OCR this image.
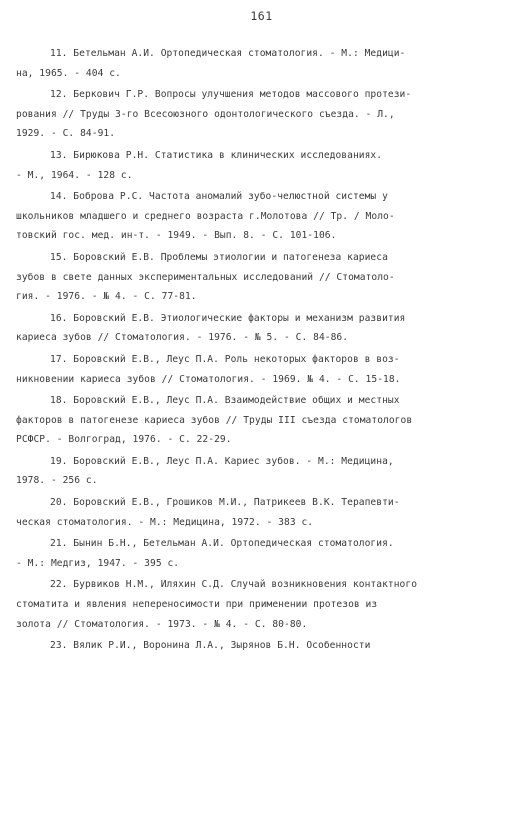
161
11. Бетельман А.И. Ортопедическая стоматология. - М.: Медици-
на, 1965. - 404 с.
12. Беркович Г.Р. Вопросы улучшения методов массового протези-
рования // Труды 3-го Всесоюзного одонтологического съезда. - Л.,
1929. - С. 84-91.
13. Бирюкова Р.Н. Статистика в клинических исследованиях.
- М., 1964. - 128 с.
14. Боброва Р.С. Частота аномалий зубо-челюстной системы у
школьников младшего и среднего возраста г.Молотова // Тр. / Моло-
товский гос. мед. ин-т. - 1949. - Вып. 8. - С. 101-106.
15. Боровский Е.В. Проблемы этиологии и патогенеза кариеса
зубов в свете данных экспериментальных исследований // Стоматоло-
гия. - 1976. - № 4. - С. 77-81.
16. Боровский Е.В. Этиологические факторы и механизм развития
кариеса зубов // Стоматология. - 1976. - № 5. - С. 84-86.
17. Боровский Е.В., Леус П.А. Роль некоторых факторов в воз-
никновении кариеса зубов // Стоматология. - 1969. № 4. - С. 15-18.
18. Боровский Е.В., Леус П.А. Взаимодействие общих и местных
факторов в патогенезе кариеса зубов // Труды III съезда стоматологов
РСФСР. - Волгоград, 1976. - С. 22-29.
19. Боровский Е.В., Леус П.А. Кариес зубов. - М.: Медицина,
1978. - 256 с.
20. Боровский Е.В., Грошиков М.И., Патрикеев В.К. Терапевти-
ческая стоматология. - М.: Медицина, 1972. - 383 с.
21. Бынин Б.Н., Бетельман А.И. Ортопедическая стоматология.
- М.: Медгиз, 1947. - 395 с.
22. Бурвиков Н.М., Иляхин С.Д. Случай возникновения контактного
стоматита и явления непереносимости при применении протезов из
золота // Стоматология. - 1973. - № 4. - С. 80-80.
23. Вялик Р.И., Воронина Л.А., Зырянов Б.Н. Особенности
